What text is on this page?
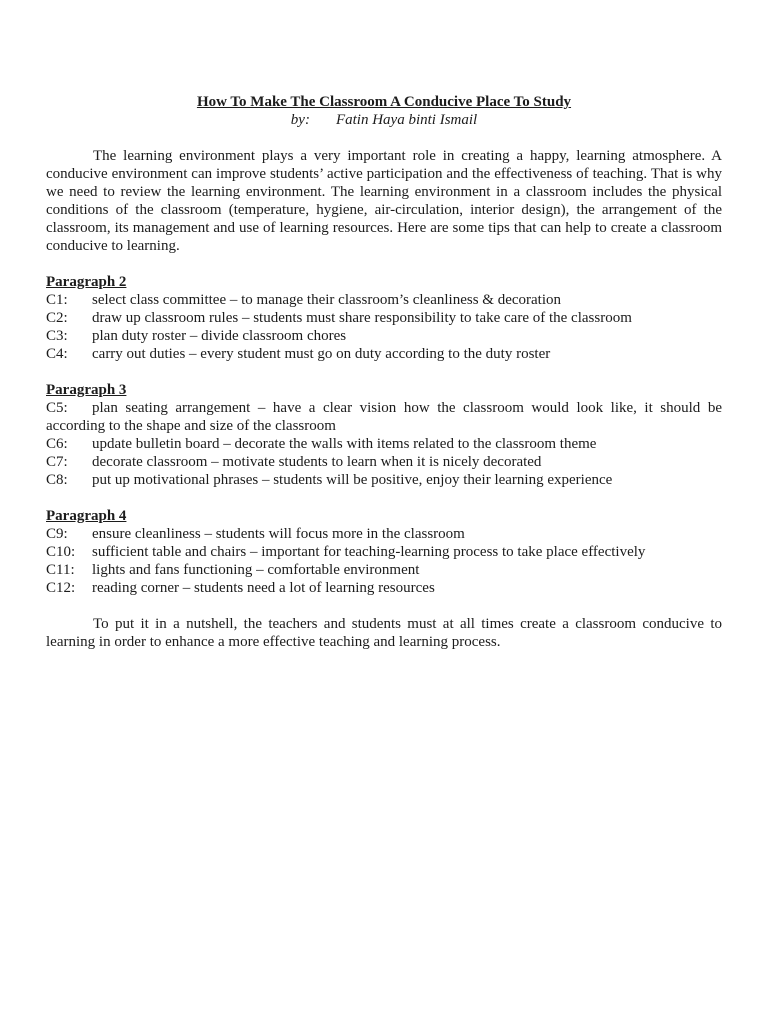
How To Make The Classroom A Conducive Place To Study

by: Fatin Haya binti Ismail

The learning environment plays a very important role in creating a happy, learning atmosphere. A conducive environment can improve students’ active participation and the effectiveness of teaching. That is why we need to review the learning environment. The learning environment in a classroom includes the physical conditions of the classroom (temperature, hygiene, air-circulation, interior design), the arrangement of the classroom, its management and use of learning resources. Here are some tips that can help to create a classroom conducive to learning.

Paragraph 2

C1: select class committee – to manage their classroom’s cleanliness & decoration

C2: draw up classroom rules – students must share responsibility to take care of the classroom

C3: plan duty roster – divide classroom chores

C4: carry out duties – every student must go on duty according to the duty roster

Paragraph 3

C5: plan seating arrangement – have a clear vision how the classroom would look like, it should be according to the shape and size of the classroom

C6: update bulletin board – decorate the walls with items related to the classroom theme

C7: decorate classroom – motivate students to learn when it is nicely decorated

C8: put up motivational phrases – students will be positive, enjoy their learning experience

Paragraph 4

C9: ensure cleanliness – students will focus more in the classroom

C10: sufficient table and chairs – important for teaching-learning process to take place effectively

C11: lights and fans functioning – comfortable environment

C12: reading corner – students need a lot of learning resources

To put it in a nutshell, the teachers and students must at all times create a classroom conducive to learning in order to enhance a more effective teaching and learning process.
